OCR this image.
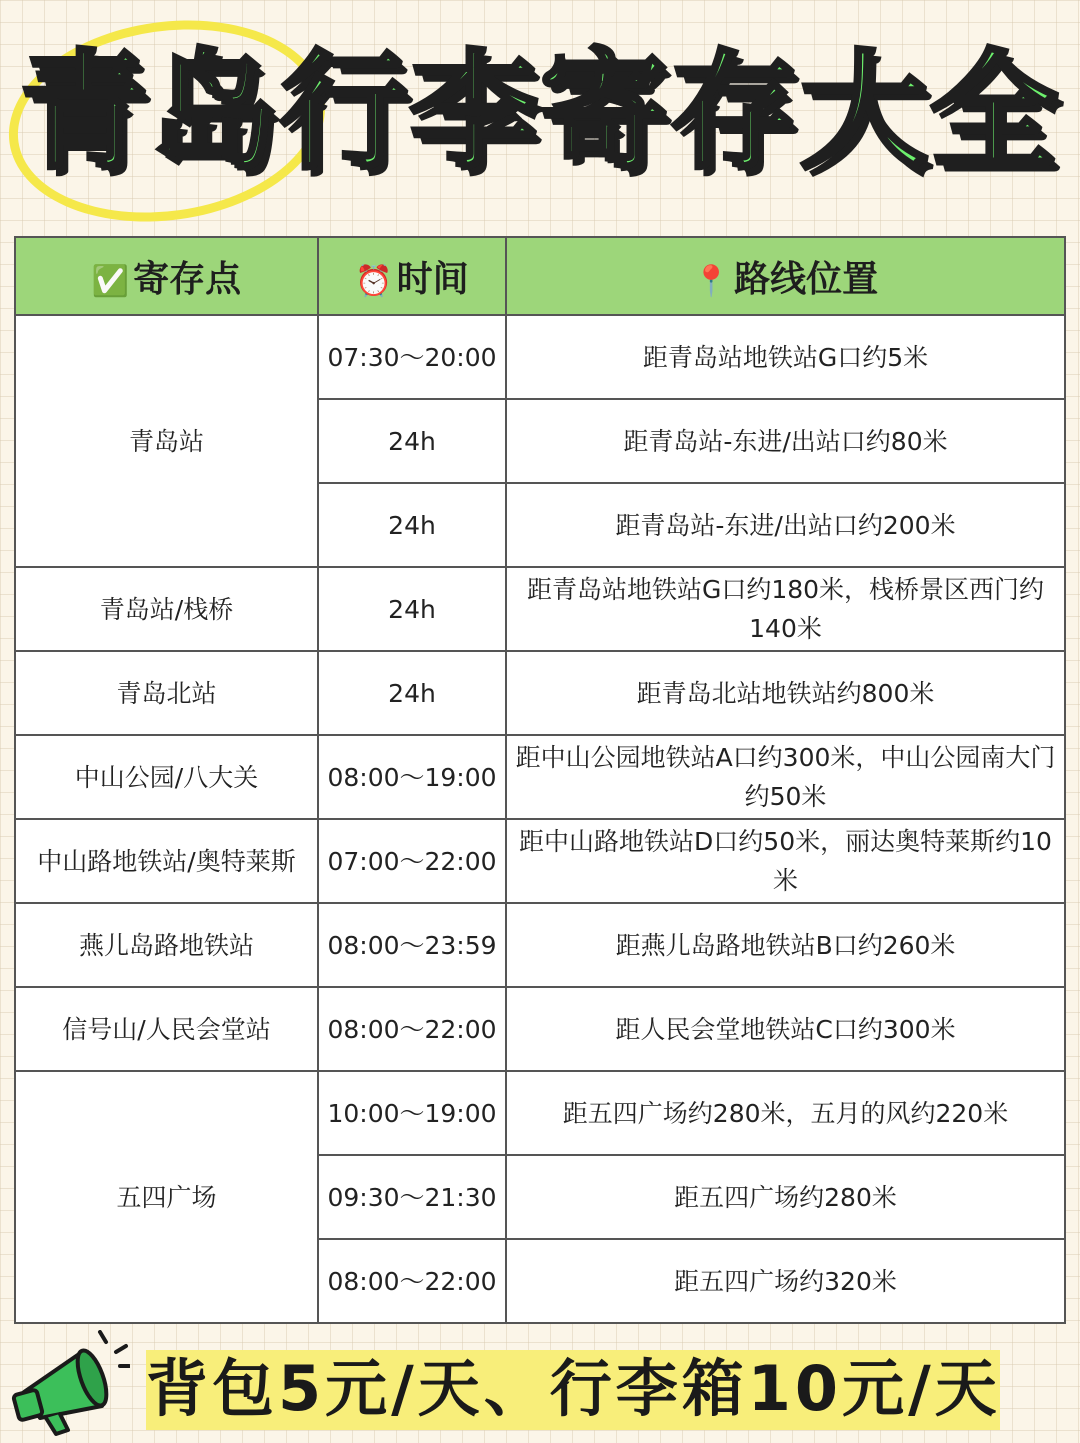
青岛行李寄存大全
✅ 寄存点	⏰ 时间	📍 路线位置
青岛站	07:30～20:00	距青岛站地铁站G口约5米
	24h	距青岛站-东进/出站口约80米
	24h	距青岛站-东进/出站口约200米
青岛站/栈桥	24h	距青岛站地铁站G口约180米，栈桥景区西门约140米
青岛北站	24h	距青岛北站地铁站约800米
中山公园/八大关	08:00～19:00	距中山公园地铁站A口约300米，中山公园南大门约50米
中山路地铁站/奥特莱斯	07:00～22:00	距中山路地铁站D口约50米，丽达奥特莱斯约10米
燕儿岛路地铁站	08:00～23:59	距燕儿岛路地铁站B口约260米
信号山/人民会堂站	08:00～22:00	距人民会堂地铁站C口约300米
五四广场	10:00～19:00	距五四广场约280米，五月的风约220米
	09:30～21:30	距五四广场约280米
	08:00～22:00	距五四广场约320米
背包5元/天、行李箱10元/天
